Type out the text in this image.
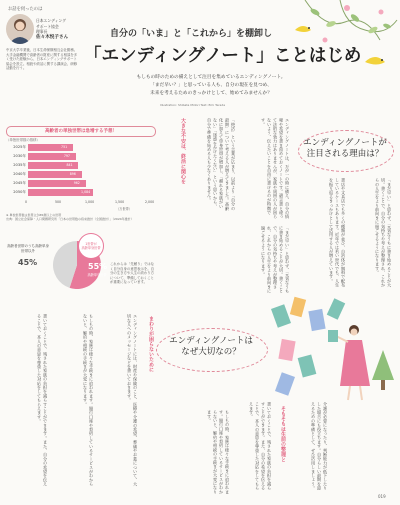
お話を伺ったのは
日本エンディング
サポート協会
理事長
佐々木悦子さん
中京大学卒業後、日本生命保険相互会社勤務。大手金融機関で高齢者の財産に関する相談を多く受けた経験から、日本エンディングサポート協会を設立。相続や終活に関する講演会、研修活動を行う。
自分の「いま」と「これから」を棚卸し
「エンディングノート」ことはじめ
もしもの時のための備えとして注目を集めているエンディングノート。
「まだ早い？」と思っている人も、自分の現在を見つめ、
未来を考えるためのきっかけとして、始めてみませんか？
Illustration: Shibata Midori Text: Emi Terada
高齢者の単独世帯は急増する予想！
（単独世帯数の推移）
2025年	751
2030年	797
2035年	841
2040年	896
2045年	962
2050年	1,084
0	500	1,000	1,500	2,000
（万世帯）
※ 単独世帯数は世帯主が65歳以上の世帯
出典：国立社会保障・人口問題研究所「日本の世帯数の将来推計（全国推計）」（2024年推計）
高齢者世帯のうち高齢単身世帯以外
45%
1世帯が
高齢単身世帯
55%
高齢単身世帯
これからは「先頼り」ではなく自分自身の意思表示を。自分の生き方や人生の終わり方について、準備しておくことが重要になっています。
エンディングノートが
注目される理由は？
大きな不安は、終活に関心を	「終活」という言葉が広まり、以前より「自分の最期」について考える人が増えてきました。高齢化に加えて単身世帯が増加し、「頼れる家族がいない」「迷惑をかけたくない」という思いから、自分で準備を始める人も少なくありません。	エンディングノートは、万が一の時に備え、自分の情報や希望を書き留めておくノートです。遺言書と違って法的な効力はありませんが、家族や周囲の人が困らないよう、伝えたいことを自由に書けるのが特徴です。
書店や文具店でも多くの種類が並び、自治体が無料で配布しているケースもあります。近年では若い世代でも、人生を振り返るきっかけとして活用する人が増えています。	「まだ早い」と思わず、元気なうちに書き始めることが大切。書くことで、自分の気持ちや考えが整理され、これからの人生をより前向きに過ごせるようになります。
「まだ早い」と思わず、元気なうちに書き始めることが大切。書くことで、自分の気持ちや考えが整理され、これからの人生をより前向きに過ごせるようになります。
エンディングノートは
なぜ大切なの？
まわりが困らないために
エンディングノートには、財産や保険のこと、医療や介護の希望、葬儀やお墓について、大切な人へのメッセージなどを書いておきます。
もしもの時、家族は様々な手続きに追われます。銀行口座や契約しているサービスがわからないと、解約や相続の手続きが大変になります。
書いておくことで、残された家族の負担を減らすことができます。また、自分の希望を伝えることで、本人の意思を尊重した対応をしてもらえます。
そもそもは生前の整理と	介護が必要になったり、判断能力が低下したりした場合にも役立ちます。自分らしい最期を迎えるための準備として、ぜひ活用しましょう。
書いておくことで、残された家族の負担を減らすことができます。また、自分の希望を伝えることで、本人の意思を尊重した対応をしてもらえます。
もしもの時、家族は様々な手続きに追われます。銀行口座や契約しているサービスがわからないと、解約や相続の手続きが大変になります。
019
